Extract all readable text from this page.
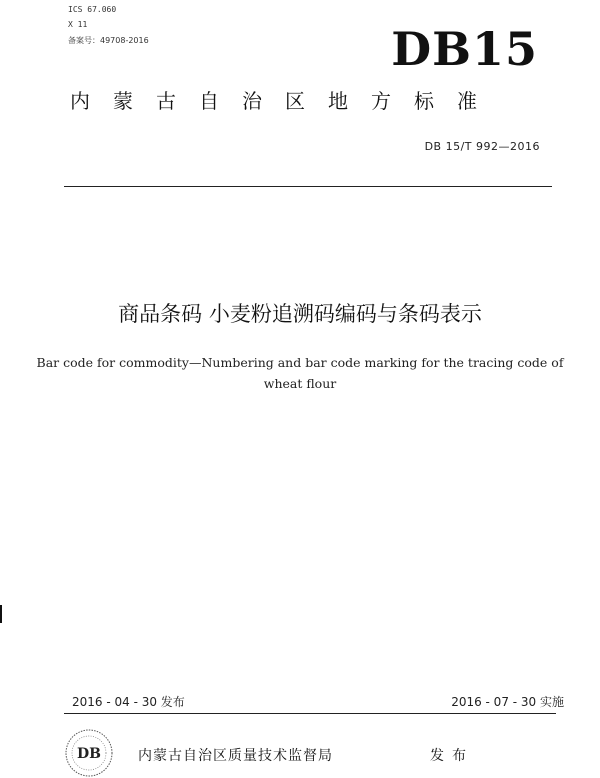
ICS 67.060
X 11
备案号：49708-2016	DB15
内蒙古自治区地方标准
DB 15/T 992—2016
商品条码 小麦粉追溯码编码与条码表示
Bar code for commodity—Numbering and bar code marking for the tracing code of
wheat flour
2016 - 04 - 30 发布	2016 - 07 - 30 实施
DB	内蒙古自治区质量技术监督局	发布
